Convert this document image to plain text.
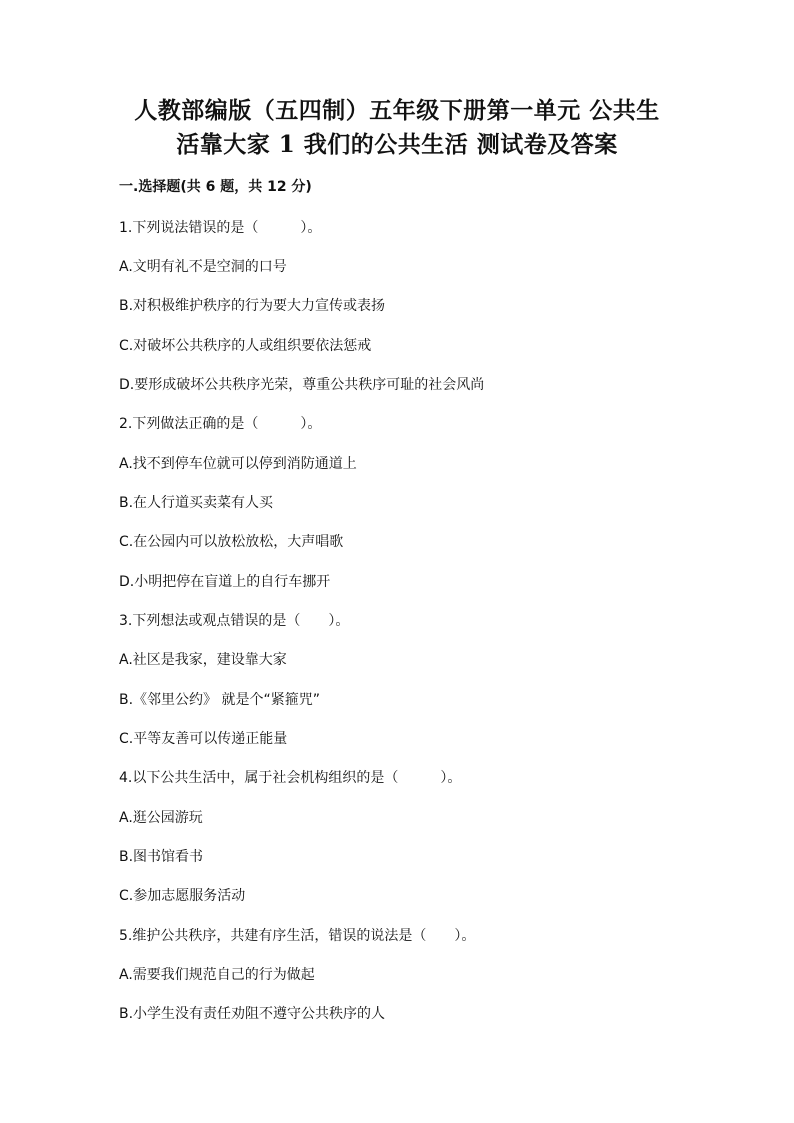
人教部编版（五四制）五年级下册第一单元 公共生
活靠大家 1 我们的公共生活 测试卷及答案
一.选择题(共 6 题，共 12 分)
1.下列说法错误的是（　　　）。
A.文明有礼不是空洞的口号
B.对积极维护秩序的行为要大力宣传或表扬
C.对破坏公共秩序的人或组织要依法惩戒
D.要形成破坏公共秩序光荣，尊重公共秩序可耻的社会风尚
2.下列做法正确的是（　　　）。
A.找不到停车位就可以停到消防通道上
B.在人行道买卖菜有人买
C.在公园内可以放松放松，大声唱歌
D.小明把停在盲道上的自行车挪开
3.下列想法或观点错误的是（　　）。
A.社区是我家，建设靠大家
B.《邻里公约》 就是个“紧箍咒”
C.平等友善可以传递正能量
4.以下公共生活中，属于社会机构组织的是（　　　）。
A.逛公园游玩
B.图书馆看书
C.参加志愿服务活动
5.维护公共秩序，共建有序生活，错误的说法是（　　）。
A.需要我们规范自己的行为做起
B.小学生没有责任劝阻不遵守公共秩序的人
